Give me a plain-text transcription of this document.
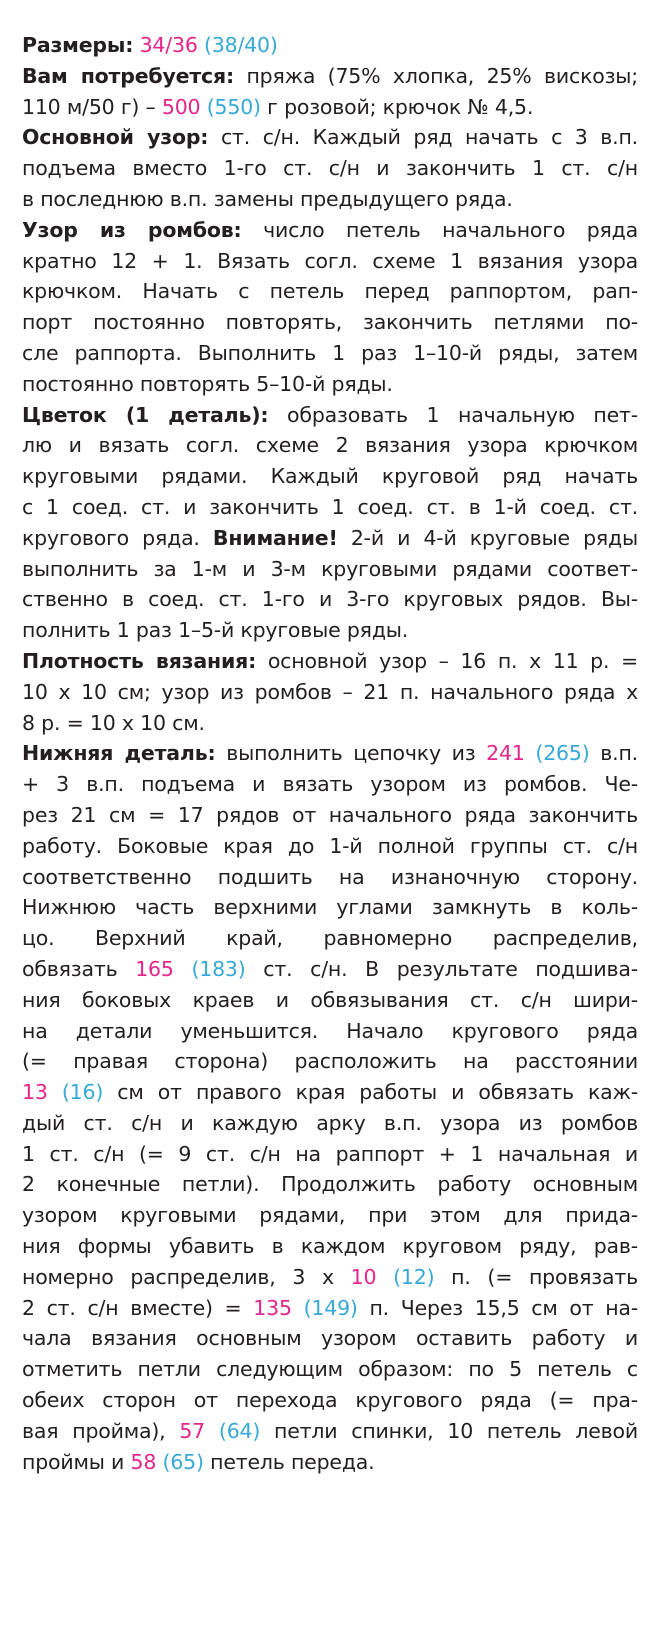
Размеры: 34/36 (38/40)
Вам потребуется: пряжа (75% хлопка, 25% вискозы;
110 м/50 г) – 500 (550) г розовой; крючок № 4,5.
Основной узор: ст. с/н. Каждый ряд начать с 3 в.п.
подъема вместо 1-го ст. с/н и закончить 1 ст. с/н
в последнюю в.п. замены предыдущего ряда.
Узор из ромбов: число петель начального ряда
кратно 12 + 1. Вязать согл. схеме 1 вязания узора
крючком. Начать с петель перед раппортом, рап-
порт постоянно повторять, закончить петлями по-
сле раппорта. Выполнить 1 раз 1–10-й ряды, затем
постоянно повторять 5–10-й ряды.
Цветок (1 деталь): образовать 1 начальную пет-
лю и вязать согл. схеме 2 вязания узора крючком
круговыми рядами. Каждый круговой ряд начать
с 1 соед. ст. и закончить 1 соед. ст. в 1-й соед. ст.
кругового ряда. Внимание! 2-й и 4-й круговые ряды
выполнить за 1-м и 3-м круговыми рядами соответ-
ственно в соед. ст. 1-го и 3-го круговых рядов. Вы-
полнить 1 раз 1–5-й круговые ряды.
Плотность вязания: основной узор – 16 п. х 11 р. =
10 х 10 см; узор из ромбов – 21 п. начального ряда х
8 р. = 10 х 10 см.
Нижняя деталь: выполнить цепочку из 241 (265) в.п.
+ 3 в.п. подъема и вязать узором из ромбов. Че-
рез 21 см = 17 рядов от начального ряда закончить
работу. Боковые края до 1-й полной группы ст. с/н
соответственно подшить на изнаночную сторону.
Нижнюю часть верхними углами замкнуть в коль-
цо. Верхний край, равномерно распределив,
обвязать 165 (183) ст. с/н. В результате подшива-
ния боковых краев и обвязывания ст. с/н шири-
на детали уменьшится. Начало кругового ряда
(= правая сторона) расположить на расстоянии
13 (16) см от правого края работы и обвязать каж-
дый ст. с/н и каждую арку в.п. узора из ромбов
1 ст. с/н (= 9 ст. с/н на раппорт + 1 начальная и
2 конечные петли). Продолжить работу основным
узором круговыми рядами, при этом для прида-
ния формы убавить в каждом круговом ряду, рав-
номерно распределив, 3 х 10 (12) п. (= провязать
2 ст. с/н вместе) = 135 (149) п. Через 15,5 см от на-
чала вязания основным узором оставить работу и
отметить петли следующим образом: по 5 петель с
обеих сторон от перехода кругового ряда (= пра-
вая пройма), 57 (64) петли спинки, 10 петель левой
проймы и 58 (65) петель переда.
